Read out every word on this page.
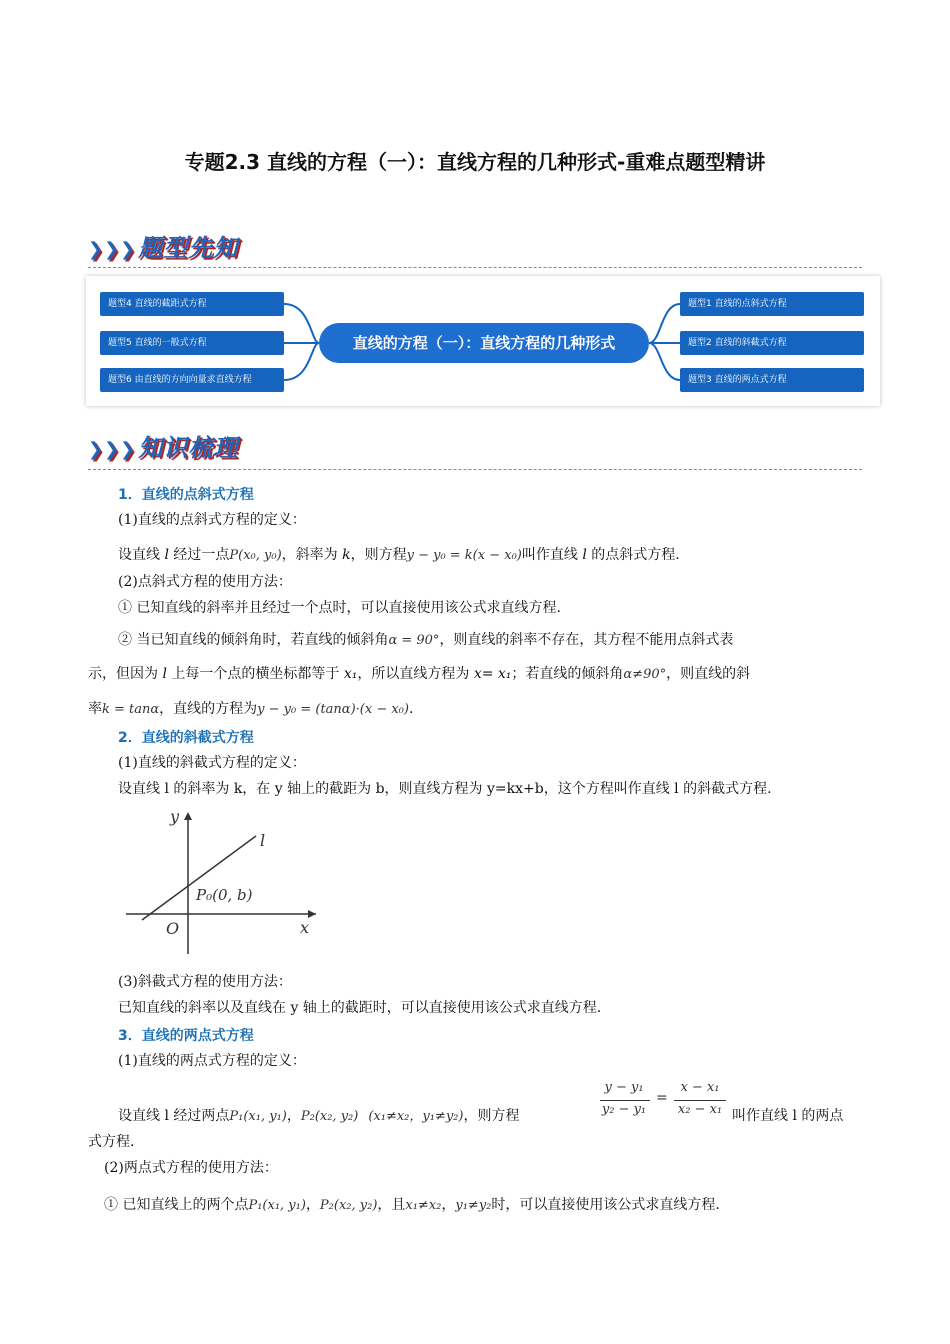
专题2.3 直线的方程（一）：直线方程的几种形式-重难点题型精讲
❯❯❯题型先知
题型4 直线的截距式方程
题型5 直线的一般式方程
题型6 由直线的方向向量求直线方程
直线的方程（一）：直线方程的几种形式
题型1 直线的点斜式方程
题型2 直线的斜截式方程
题型3 直线的两点式方程
❯❯❯知识梳理
1．直线的点斜式方程
(1)直线的点斜式方程的定义：
设直线 l 经过一点P(x₀, y₀)，斜率为 k，则方程y − y₀ = k(x − x₀)叫作直线 l 的点斜式方程.
(2)点斜式方程的使用方法：
① 已知直线的斜率并且经过一个点时，可以直接使用该公式求直线方程.
② 当已知直线的倾斜角时，若直线的倾斜角α = 90°，则直线的斜率不存在，其方程不能用点斜式表
示，但因为 l 上每一个点的横坐标都等于 x₁，所以直线方程为 x= x₁；若直线的倾斜角α≠90°，则直线的斜
率k = tanα，直线的方程为y − y₀ = (tanα)·(x − x₀).
2．直线的斜截式方程
(1)直线的斜截式方程的定义：
设直线 l 的斜率为 k，在 y 轴上的截距为 b，则直线方程为 y=kx+b，这个方程叫作直线 l 的斜截式方程.
y
x
O
l
P₀(0, b)
(3)斜截式方程的使用方法：
已知直线的斜率以及直线在 y 轴上的截距时，可以直接使用该公式求直线方程.
3．直线的两点式方程
(1)直线的两点式方程的定义：
设直线 l 经过两点P₁(x₁, y₁)，P₂(x₂, y₂) (x₁≠x₂，y₁≠y₂)，则方程
y − y₁
y₂ − y₁
=
x − x₁
x₂ − x₁ 叫作直线 l 的两点
式方程.
(2)两点式方程的使用方法：
① 已知直线上的两个点P₁(x₁, y₁)，P₂(x₂, y₂)，且x₁≠x₂，y₁≠y₂时，可以直接使用该公式求直线方程.
